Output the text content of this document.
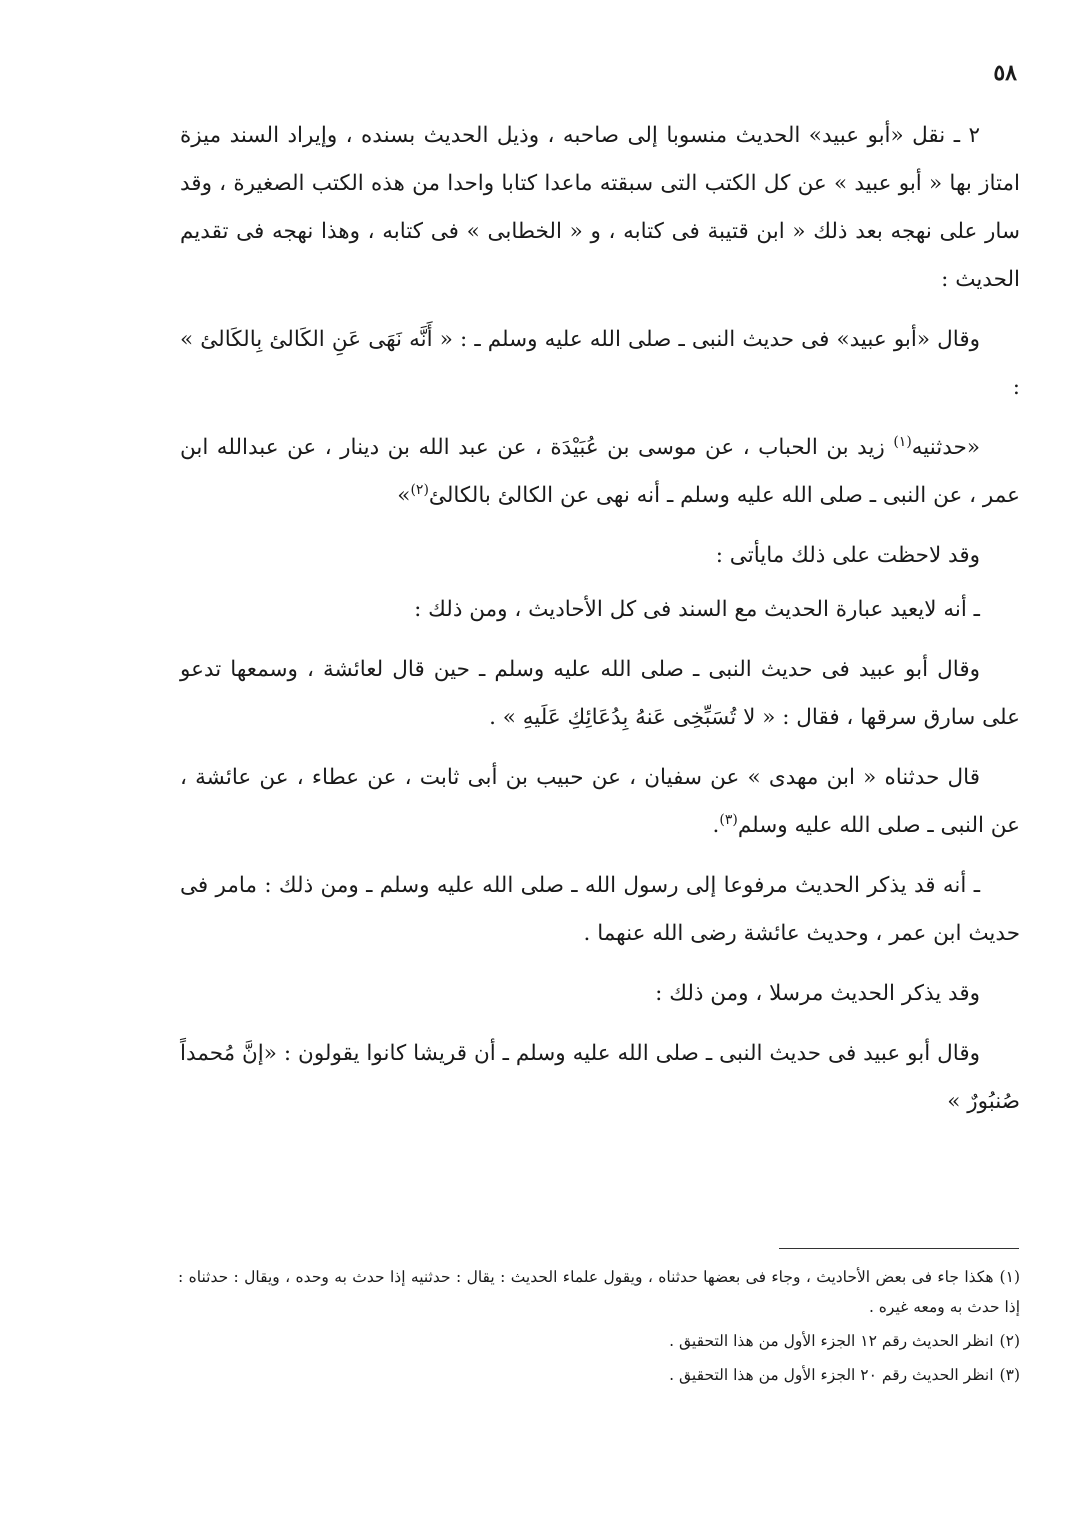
٥٨

٢ ـ نقل «أبو عبيد» الحديث منسوبا إلى صاحبه ، وذيل الحديث بسنده ، وإيراد السند ميزة امتاز بها « أبو عبيد » عن كل الكتب التى سبقته ماعدا كتابا واحدا من هذه الكتب الصغيرة ، وقد سار على نهجه بعد ذلك « ابن قتيبة فى كتابه ، و « الخطابى » فى كتابه ، وهذا نهجه فى تقديم الحديث :

وقال «أبو عبيد» فى حديث النبى ـ صلى الله عليه وسلم ـ : « أَنَّه نَهَى عَنِ الكَالئ بِالكَالئ » :

«حدثنيه$^{(١)}$ زيد بن الحباب ، عن موسى بن عُبَيْدَة ، عن عبد الله بن دينار ، عن عبدالله ابن عمر ، عن النبى ـ صلى الله عليه وسلم ـ أنه نهى عن الكالئ بالكالئ$^{(٢)}$»

وقد لاحظت على ذلك مايأتى :

ـ أنه لايعيد عبارة الحديث مع السند فى كل الأحاديث ، ومن ذلك :

وقال أبو عبيد فى حديث النبى ـ صلى الله عليه وسلم ـ حين قال لعائشة ، وسمعها تدعو على سارق سرقها ، فقال : « لا تُسَبِّخِى عَنهُ بِدُعَائِكِ عَلَيهِ » .

قال حدثناه « ابن مهدى » عن سفيان ، عن حبيب بن أبى ثابت ، عن عطاء ، عن عائشة ، عن النبى ـ صلى الله عليه وسلم$^{(٣)}$.

ـ أنه قد يذكر الحديث مرفوعا إلى رسول الله ـ صلى الله عليه وسلم ـ ومن ذلك : مامر فى حديث ابن عمر ، وحديث عائشة رضى الله عنهما .

وقد يذكر الحديث مرسلا ، ومن ذلك :

وقال أبو عبيد فى حديث النبى ـ صلى الله عليه وسلم ـ أن قريشا كانوا يقولون : «إنَّ مُحمداً صُنبُورٌ »

(١)هكذا جاء فى بعض الأحاديث ، وجاء فى بعضها حدثناه ، ويقول علماء الحديث : يقال : حدثنيه إذا حدث به وحده ، ويقال : حدثناه : إذا حدث به ومعه غيره .

(٢)انظر الحديث رقم ١٢ الجزء الأول من هذا التحقيق .

(٣)انظر الحديث رقم ٢٠ الجزء الأول من هذا التحقيق .
